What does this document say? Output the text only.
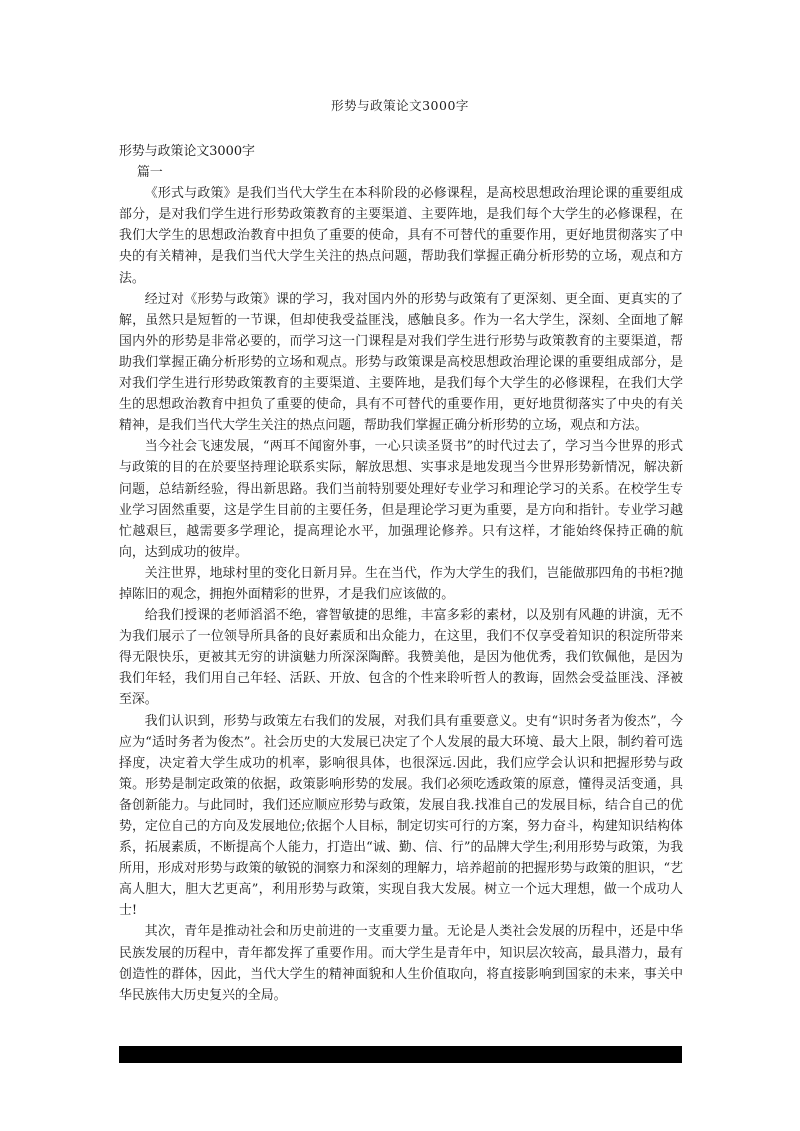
形势与政策论文3000字

形势与政策论文3000字

篇一

《形式与政策》是我们当代大学生在本科阶段的必修课程，是高校思想政治理论课的重要组成部分，是对我们学生进行形势政策教育的主要渠道、主要阵地，是我们每个大学生的必修课程，在我们大学生的思想政治教育中担负了重要的使命，具有不可替代的重要作用，更好地贯彻落实了中央的有关精神，是我们当代大学生关注的热点问题，帮助我们掌握正确分析形势的立场，观点和方法。

经过对《形势与政策》课的学习，我对国内外的形势与政策有了更深刻、更全面、更真实的了解，虽然只是短暂的一节课，但却使我受益匪浅，感触良多。作为一名大学生，深刻、全面地了解国内外的形势是非常必要的，而学习这一门课程是对我们学生进行形势与政策教育的主要渠道，帮助我们掌握正确分析形势的立场和观点。形势与政策课是高校思想政治理论课的重要组成部分，是对我们学生进行形势政策教育的主要渠道、主要阵地，是我们每个大学生的必修课程，在我们大学生的思想政治教育中担负了重要的使命，具有不可替代的重要作用，更好地贯彻落实了中央的有关精神，是我们当代大学生关注的热点问题，帮助我们掌握正确分析形势的立场，观点和方法。

当今社会飞速发展，“两耳不闻窗外事，一心只读圣贤书”的时代过去了，学习当今世界的形式与政策的目的在於要坚持理论联系实际，解放思想、实事求是地发现当今世界形势新情况，解决新问题，总结新经验，得出新思路。我们当前特别要处理好专业学习和理论学习的关系。在校学生专业学习固然重要，这是学生目前的主要任务，但是理论学习更为重要，是方向和指针。专业学习越忙越艰巨，越需要多学理论，提高理论水平，加强理论修养。只有这样，才能始终保持正确的航向，达到成功的彼岸。

关注世界，地球村里的变化日新月异。生在当代，作为大学生的我们，岂能做那四角的书柜?抛掉陈旧的观念，拥抱外面精彩的世界，才是我们应该做的。

给我们授课的老师滔滔不绝，睿智敏捷的思维，丰富多彩的素材，以及别有风趣的讲演，无不为我们展示了一位领导所具备的良好素质和出众能力，在这里，我们不仅享受着知识的积淀所带来得无限快乐，更被其无穷的讲演魅力所深深陶醉。我赞美他，是因为他优秀，我们钦佩他，是因为我们年轻，我们用自己年轻、活跃、开放、包含的个性来聆听哲人的教诲，固然会受益匪浅、泽被至深。

我们认识到，形势与政策左右我们的发展，对我们具有重要意义。史有“识时务者为俊杰”，今应为“适时务者为俊杰”。社会历史的大发展已决定了个人发展的最大环境、最大上限，制约着可选择度，决定着大学生成功的机率，影响很具体，也很深远.因此，我们应学会认识和把握形势与政策。形势是制定政策的依据，政策影响形势的发展。我们必须吃透政策的原意，懂得灵活变通，具备创新能力。与此同时，我们还应顺应形势与政策，发展自我.找准自己的发展目标，结合自己的优势，定位自己的方向及发展地位;依据个人目标，制定切实可行的方案，努力奋斗，构建知识结构体系，拓展素质，不断提高个人能力，打造出“诚、勤、信、行”的品牌大学生;利用形势与政策，为我所用，形成对形势与政策的敏锐的洞察力和深刻的理解力，培养超前的把握形势与政策的胆识，“艺高人胆大，胆大艺更高”，利用形势与政策，实现自我大发展。树立一个远大理想，做一个成功人士!

其次，青年是推动社会和历史前进的一支重要力量。无论是人类社会发展的历程中，还是中华民族发展的历程中，青年都发挥了重要作用。而大学生是青年中，知识层次较高，最具潜力，最有创造性的群体，因此，当代大学生的精神面貌和人生价值取向，将直接影响到国家的未来，事关中华民族伟大历史复兴的全局。

第 1 页  /总页数  7  页
